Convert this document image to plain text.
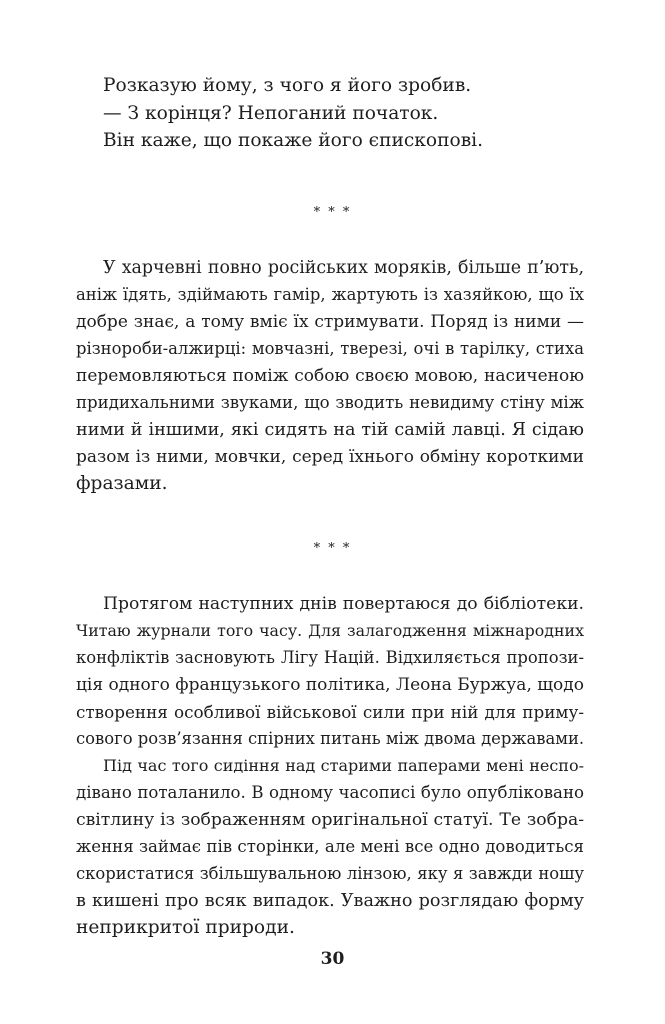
Розказую йому, з чого я його зробив.
— З корінця? Непоганий початок.
Він каже, що покаже його єпископові.
* * *
У харчевні повно російських моряків, більше п’ють,
аніж їдять, здіймають гамір, жартують із хазяйкою, що їх
добре знає, а тому вміє їх стримувати. Поряд із ними —
різнороби-алжирці: мовчазні, тверезі, очі в тарілку, стиха
перемовляються поміж собою своєю мовою, насиченою
придихальними звуками, що зводить невидиму стіну між
ними й іншими, які сидять на тій самій лавці. Я сідаю
разом із ними, мовчки, серед їхнього обміну короткими
фразами.
* * *
Протягом наступних днів повертаюся до бібліотеки.
Читаю журнали того часу. Для залагодження міжнародних
конфліктів засновують Лігу Націй. Відхиляється пропози-
ція одного французького політика, Леона Буржуа, щодо
створення особливої військової сили при ній для приму-
сового розв’язання спірних питань між двома державами.
Під час того сидіння над старими паперами мені неспо-
дівано поталанило. В одному часописі було опубліковано
світлину із зображенням оригінальної статуї. Те зобра-
ження займає пів сторінки, але мені все одно доводиться
скористатися збільшувальною лінзою, яку я завжди ношу
в кишені про всяк випадок. Уважно розглядаю форму
неприкритої природи.
30
